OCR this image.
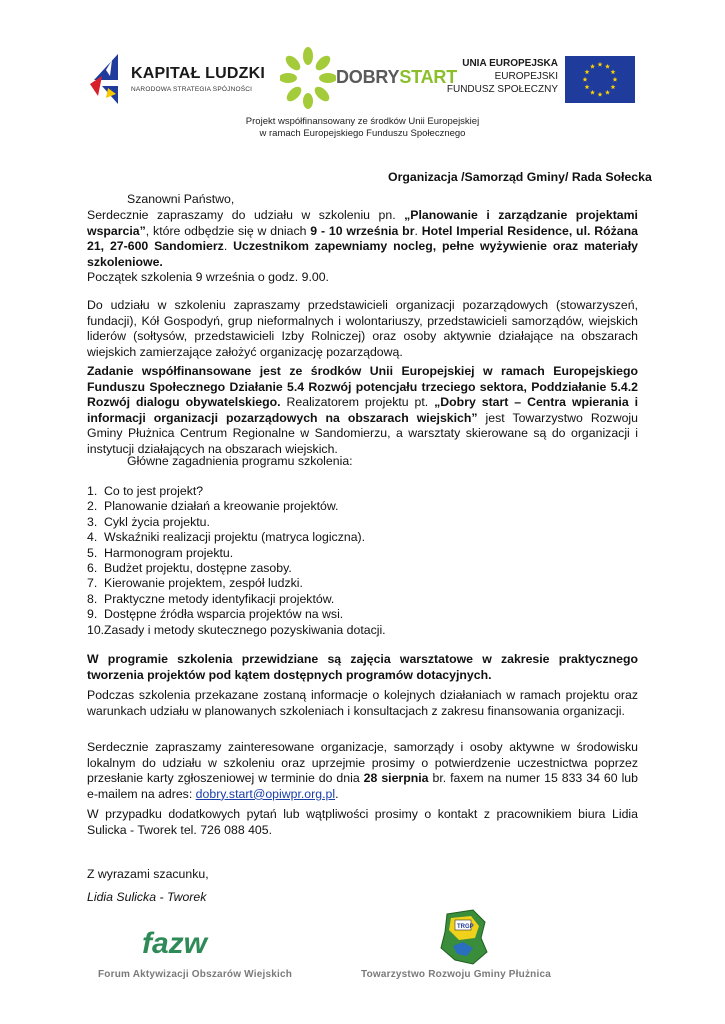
KAPITAŁ LUDZKI
NARODOWA STRATEGIA SPÓJNOŚCI
DOBRYSTART
UNIA EUROPEJSKA
EUROPEJSKI
FUNDUSZ SPOŁECZNY
Projekt współfinansowany ze środków Unii Europejskiej
w ramach Europejskiego Funduszu Społecznego
Organizacja /Samorząd Gminy/ Rada Sołecka
Szanowni Państwo,
Serdecznie zapraszamy do udziału w szkoleniu pn. „Planowanie i zarządzanie projektami wsparcia”, które odbędzie się w dniach 9 - 10 września br. Hotel Imperial Residence, ul. Różana 21, 27-600 Sandomierz. Uczestnikom zapewniamy nocleg, pełne wyżywienie oraz materiały szkoleniowe.
Początek szkolenia 9 września o godz. 9.00.
Do udziału w szkoleniu zapraszamy przedstawicieli organizacji pozarządowych (stowarzyszeń, fundacji), Kół Gospodyń, grup nieformalnych i wolontariuszy, przedstawicieli samorządów, wiejskich liderów (sołtysów, przedstawicieli Izby Rolniczej) oraz osoby aktywnie działające na obszarach wiejskich zamierzające założyć organizację pozarządową.
Zadanie współfinansowane jest ze środków Unii Europejskiej w ramach Europejskiego Funduszu Społecznego Działanie 5.4 Rozwój potencjału trzeciego sektora, Poddziałanie 5.4.2 Rozwój dialogu obywatelskiego. Realizatorem projektu pt. „Dobry start – Centra wpierania i informacji organizacji pozarządowych na obszarach wiejskich” jest Towarzystwo Rozwoju Gminy Płużnica Centrum Regionalne w Sandomierzu, a warsztaty skierowane są do organizacji i instytucji działających na obszarach wiejskich.
Główne zagadnienia programu szkolenia:
1. Co to jest projekt?
2. Planowanie działań a kreowanie projektów.
3. Cykl życia projektu.
4. Wskaźniki realizacji projektu (matryca logiczna).
5. Harmonogram projektu.
6. Budżet projektu, dostępne zasoby.
7. Kierowanie projektem, zespół ludzki.
8. Praktyczne metody identyfikacji projektów.
9. Dostępne źródła wsparcia projektów na wsi.
10. Zasady i metody skutecznego pozyskiwania dotacji.
W programie szkolenia przewidziane są zajęcia warsztatowe w zakresie praktycznego tworzenia projektów pod kątem dostępnych programów dotacyjnych.
Podczas szkolenia przekazane zostaną informacje o kolejnych działaniach w ramach projektu oraz warunkach udziału w planowanych szkoleniach i konsultacjach z zakresu finansowania organizacji.
Serdecznie zapraszamy zainteresowane organizacje, samorządy i osoby aktywne w środowisku lokalnym do udziału w szkoleniu oraz uprzejmie prosimy o potwierdzenie uczestnictwa poprzez przesłanie karty zgłoszeniowej w terminie do dnia 28 sierpnia br. faxem na numer 15 833 34 60 lub e-mailem na adres: dobry.start@opiwpr.org.pl.
W przypadku dodatkowych pytań lub wątpliwości prosimy o kontakt z pracownikiem biura Lidia Sulicka - Tworek tel. 726 088 405.
Z wyrazami szacunku,
Lidia Sulicka - Tworek
fazw
Forum Aktywizacji Obszarów Wiejskich
TRGP
Towarzystwo Rozwoju Gminy Płużnica
